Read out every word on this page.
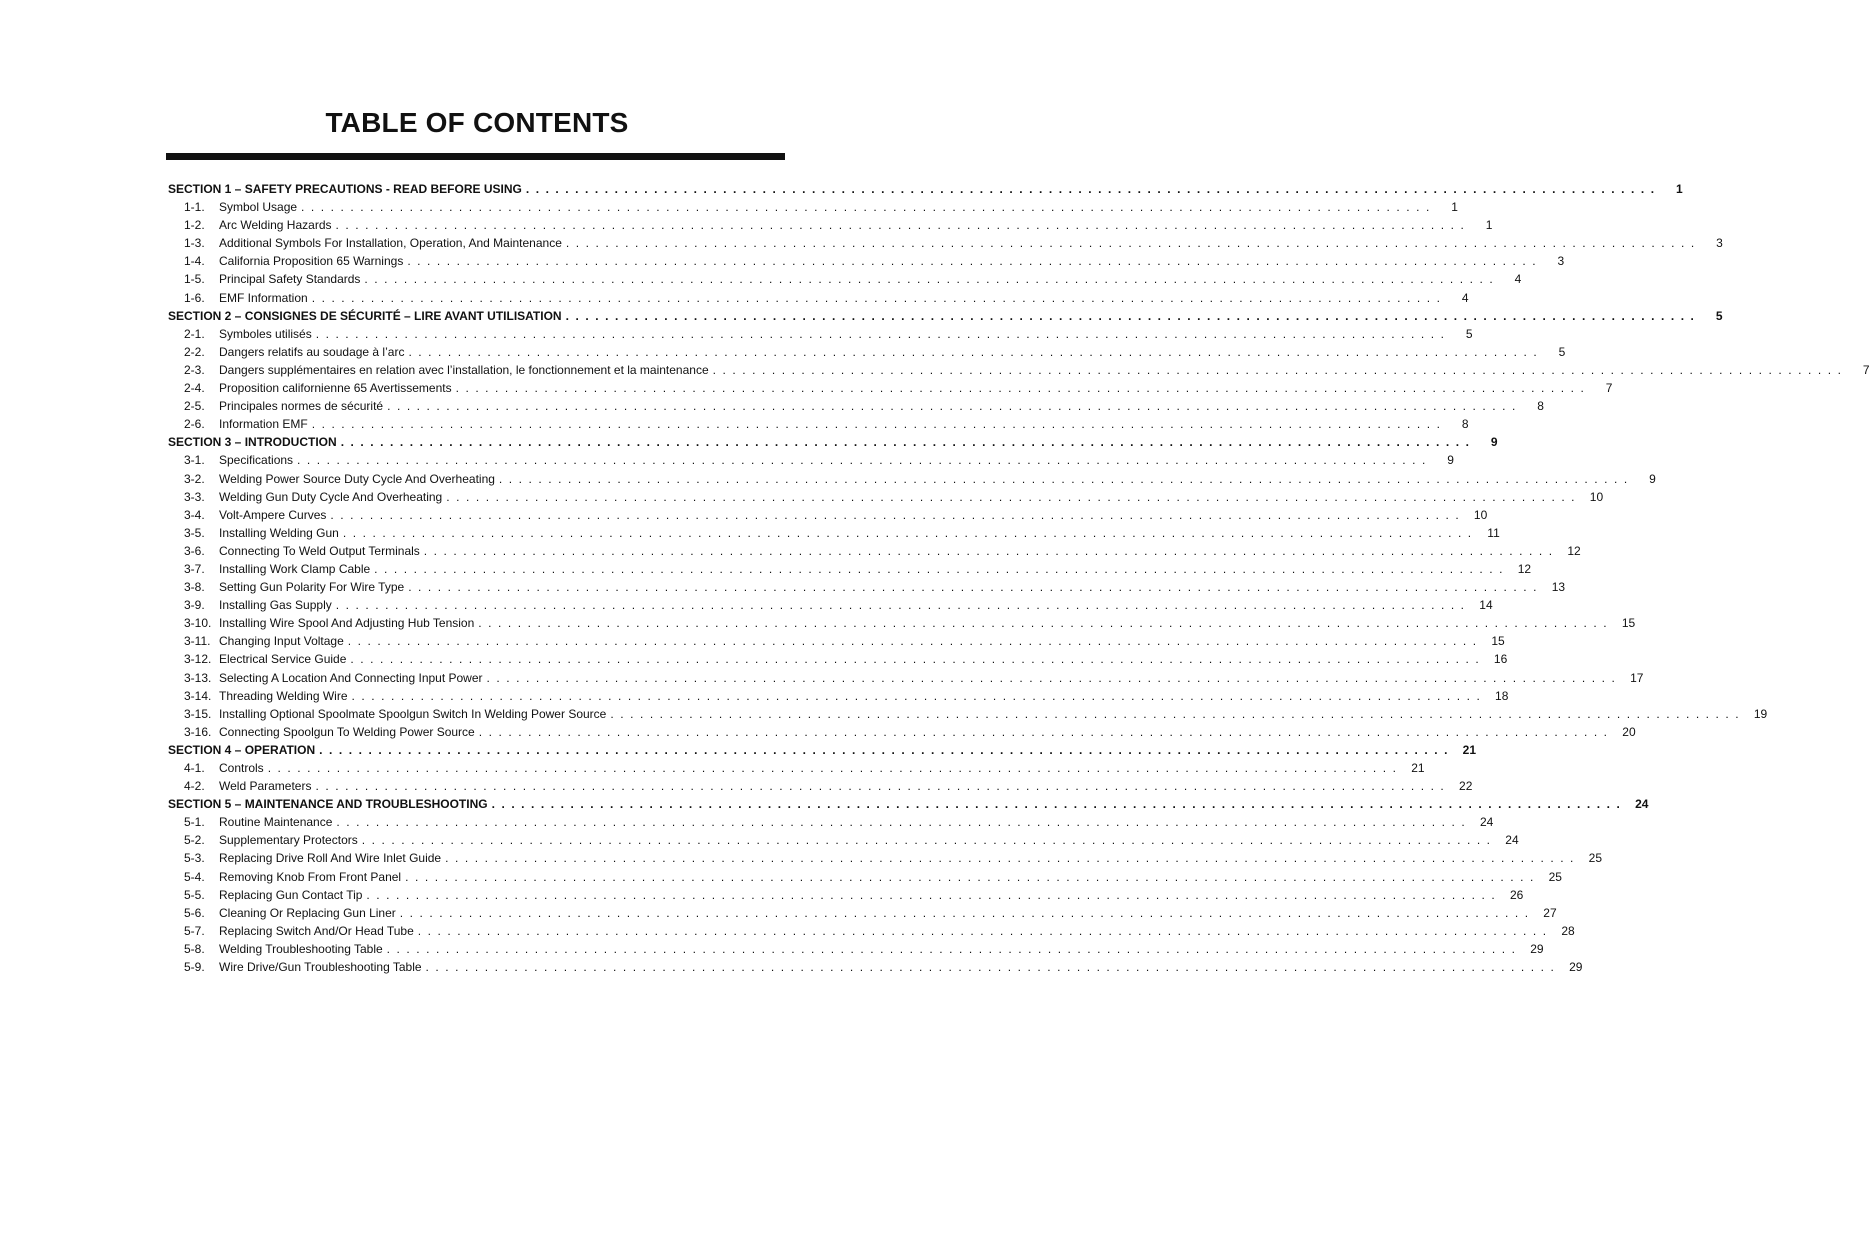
TABLE OF CONTENTS
SECTION 1 – SAFETY PRECAUTIONS - READ BEFORE USING . . . . . . . . . . . . . . . . . . . . . . . . . . . . . . . . . . . . . . . . . . . . . . . . . . . . . . . . . . . . . . . . . . . . . . . . . . . . . . . . . . . . . . . . . . . . . . . . . . . . . . . . . . . . . . . . . . .	1
1-1.	Symbol Usage . . . . . . . . . . . . . . . . . . . . . . . . . . . . . . . . . . . . . . . . . . . . . . . . . . . . . . . . . . . . . . . . . . . . . . . . . . . . . . . . . . . . . . . . . . . . . . . . . . . . . . . . . . . . . . . . . . .	1
1-2.	Arc Welding Hazards . . . . . . . . . . . . . . . . . . . . . . . . . . . . . . . . . . . . . . . . . . . . . . . . . . . . . . . . . . . . . . . . . . . . . . . . . . . . . . . . . . . . . . . . . . . . . . . . . . . . . . . . . . . . . . . . . . .	1
1-3.	Additional Symbols For Installation, Operation, And Maintenance . . . . . . . . . . . . . . . . . . . . . . . . . . . . . . . . . . . . . . . . . . . . . . . . . . . . . . . . . . . . . . . . . . . . . . . . . . . . . . . . . . . . . . . . . . . . . . . . . . . . . . . . . . . . . . . . . . .	3
1-4.	California Proposition 65 Warnings . . . . . . . . . . . . . . . . . . . . . . . . . . . . . . . . . . . . . . . . . . . . . . . . . . . . . . . . . . . . . . . . . . . . . . . . . . . . . . . . . . . . . . . . . . . . . . . . . . . . . . . . . . . . . . . . . . .	3
1-5.	Principal Safety Standards . . . . . . . . . . . . . . . . . . . . . . . . . . . . . . . . . . . . . . . . . . . . . . . . . . . . . . . . . . . . . . . . . . . . . . . . . . . . . . . . . . . . . . . . . . . . . . . . . . . . . . . . . . . . . . . . . . .	4
1-6.	EMF Information . . . . . . . . . . . . . . . . . . . . . . . . . . . . . . . . . . . . . . . . . . . . . . . . . . . . . . . . . . . . . . . . . . . . . . . . . . . . . . . . . . . . . . . . . . . . . . . . . . . . . . . . . . . . . . . . . . .	4
SECTION 2 – CONSIGNES DE SÉCURITÉ – LIRE AVANT UTILISATION . . . . . . . . . . . . . . . . . . . . . . . . . . . . . . . . . . . . . . . . . . . . . . . . . . . . . . . . . . . . . . . . . . . . . . . . . . . . . . . . . . . . . . . . . . . . . . . . . . . . . . . . . . . . . . . . . . .	5
2-1.	Symboles utilisés . . . . . . . . . . . . . . . . . . . . . . . . . . . . . . . . . . . . . . . . . . . . . . . . . . . . . . . . . . . . . . . . . . . . . . . . . . . . . . . . . . . . . . . . . . . . . . . . . . . . . . . . . . . . . . . . . . .	5
2-2.	Dangers relatifs au soudage à l’arc . . . . . . . . . . . . . . . . . . . . . . . . . . . . . . . . . . . . . . . . . . . . . . . . . . . . . . . . . . . . . . . . . . . . . . . . . . . . . . . . . . . . . . . . . . . . . . . . . . . . . . . . . . . . . . . . . . .	5
2-3.	Dangers supplémentaires en relation avec l’installation, le fonctionnement et la maintenance . . . . . . . . . . . . . . . . . . . . . . . . . . . . . . . . . . . . . . . . . . . . . . . . . . . . . . . . . . . . . . . . . . . . . . . . . . . . . . . . . . . . . . . . . . . . . . . . . . . . . . . . . . . . . . . . . . .	7
2-4.	Proposition californienne 65 Avertissements . . . . . . . . . . . . . . . . . . . . . . . . . . . . . . . . . . . . . . . . . . . . . . . . . . . . . . . . . . . . . . . . . . . . . . . . . . . . . . . . . . . . . . . . . . . . . . . . . . . . . . . . . . . . . . . . . . .	7
2-5.	Principales normes de sécurité . . . . . . . . . . . . . . . . . . . . . . . . . . . . . . . . . . . . . . . . . . . . . . . . . . . . . . . . . . . . . . . . . . . . . . . . . . . . . . . . . . . . . . . . . . . . . . . . . . . . . . . . . . . . . . . . . . .	8
2-6.	Information EMF . . . . . . . . . . . . . . . . . . . . . . . . . . . . . . . . . . . . . . . . . . . . . . . . . . . . . . . . . . . . . . . . . . . . . . . . . . . . . . . . . . . . . . . . . . . . . . . . . . . . . . . . . . . . . . . . . . .	8
SECTION 3 – INTRODUCTION . . . . . . . . . . . . . . . . . . . . . . . . . . . . . . . . . . . . . . . . . . . . . . . . . . . . . . . . . . . . . . . . . . . . . . . . . . . . . . . . . . . . . . . . . . . . . . . . . . . . . . . . . . . . . . . . . . .	9
3-1.	Specifications . . . . . . . . . . . . . . . . . . . . . . . . . . . . . . . . . . . . . . . . . . . . . . . . . . . . . . . . . . . . . . . . . . . . . . . . . . . . . . . . . . . . . . . . . . . . . . . . . . . . . . . . . . . . . . . . . . .	9
3-2.	Welding Power Source Duty Cycle And Overheating . . . . . . . . . . . . . . . . . . . . . . . . . . . . . . . . . . . . . . . . . . . . . . . . . . . . . . . . . . . . . . . . . . . . . . . . . . . . . . . . . . . . . . . . . . . . . . . . . . . . . . . . . . . . . . . . . . .	9
3-3.	Welding Gun Duty Cycle And Overheating . . . . . . . . . . . . . . . . . . . . . . . . . . . . . . . . . . . . . . . . . . . . . . . . . . . . . . . . . . . . . . . . . . . . . . . . . . . . . . . . . . . . . . . . . . . . . . . . . . . . . . . . . . . . . . . . . . .	10
3-4.	Volt-Ampere Curves . . . . . . . . . . . . . . . . . . . . . . . . . . . . . . . . . . . . . . . . . . . . . . . . . . . . . . . . . . . . . . . . . . . . . . . . . . . . . . . . . . . . . . . . . . . . . . . . . . . . . . . . . . . . . . . . . . .	10
3-5.	Installing Welding Gun . . . . . . . . . . . . . . . . . . . . . . . . . . . . . . . . . . . . . . . . . . . . . . . . . . . . . . . . . . . . . . . . . . . . . . . . . . . . . . . . . . . . . . . . . . . . . . . . . . . . . . . . . . . . . . . . . . .	11
3-6.	Connecting To Weld Output Terminals . . . . . . . . . . . . . . . . . . . . . . . . . . . . . . . . . . . . . . . . . . . . . . . . . . . . . . . . . . . . . . . . . . . . . . . . . . . . . . . . . . . . . . . . . . . . . . . . . . . . . . . . . . . . . . . . . . .	12
3-7.	Installing Work Clamp Cable . . . . . . . . . . . . . . . . . . . . . . . . . . . . . . . . . . . . . . . . . . . . . . . . . . . . . . . . . . . . . . . . . . . . . . . . . . . . . . . . . . . . . . . . . . . . . . . . . . . . . . . . . . . . . . . . . . .	12
3-8.	Setting Gun Polarity For Wire Type . . . . . . . . . . . . . . . . . . . . . . . . . . . . . . . . . . . . . . . . . . . . . . . . . . . . . . . . . . . . . . . . . . . . . . . . . . . . . . . . . . . . . . . . . . . . . . . . . . . . . . . . . . . . . . . . . . .	13
3-9.	Installing Gas Supply . . . . . . . . . . . . . . . . . . . . . . . . . . . . . . . . . . . . . . . . . . . . . . . . . . . . . . . . . . . . . . . . . . . . . . . . . . . . . . . . . . . . . . . . . . . . . . . . . . . . . . . . . . . . . . . . . . .	14
3-10. Installing Wire Spool And Adjusting Hub Tension . . . . . . . . . . . . . . . . . . . . . . . . . . . . . . . . . . . . . . . . . . . . . . . . . . . . . . . . . . . . . . . . . . . . . . . . . . . . . . . . . . . . . . . . . . . . . . . . . . . . . . . . . . . . . . . . . . .	15
3-11. Changing Input Voltage . . . . . . . . . . . . . . . . . . . . . . . . . . . . . . . . . . . . . . . . . . . . . . . . . . . . . . . . . . . . . . . . . . . . . . . . . . . . . . . . . . . . . . . . . . . . . . . . . . . . . . . . . . . . . . . . . . .	15
3-12. Electrical Service Guide . . . . . . . . . . . . . . . . . . . . . . . . . . . . . . . . . . . . . . . . . . . . . . . . . . . . . . . . . . . . . . . . . . . . . . . . . . . . . . . . . . . . . . . . . . . . . . . . . . . . . . . . . . . . . . . . . . .	16
3-13. Selecting A Location And Connecting Input Power . . . . . . . . . . . . . . . . . . . . . . . . . . . . . . . . . . . . . . . . . . . . . . . . . . . . . . . . . . . . . . . . . . . . . . . . . . . . . . . . . . . . . . . . . . . . . . . . . . . . . . . . . . . . . . . . . . .	17
3-14. Threading Welding Wire . . . . . . . . . . . . . . . . . . . . . . . . . . . . . . . . . . . . . . . . . . . . . . . . . . . . . . . . . . . . . . . . . . . . . . . . . . . . . . . . . . . . . . . . . . . . . . . . . . . . . . . . . . . . . . . . . . .	18
3-15. Installing Optional Spoolmate Spoolgun Switch In Welding Power Source . . . . . . . . . . . . . . . . . . . . . . . . . . . . . . . . . . . . . . . . . . . . . . . . . . . . . . . . . . . . . . . . . . . . . . . . . . . . . . . . . . . . . . . . . . . . . . . . . . . . . . . . . . . . . . . . . . .	19
3-16. Connecting Spoolgun To Welding Power Source . . . . . . . . . . . . . . . . . . . . . . . . . . . . . . . . . . . . . . . . . . . . . . . . . . . . . . . . . . . . . . . . . . . . . . . . . . . . . . . . . . . . . . . . . . . . . . . . . . . . . . . . . . . . . . . . . . .	20
SECTION 4 – OPERATION . . . . . . . . . . . . . . . . . . . . . . . . . . . . . . . . . . . . . . . . . . . . . . . . . . . . . . . . . . . . . . . . . . . . . . . . . . . . . . . . . . . . . . . . . . . . . . . . . . . . . . . . . . . . . . . . . . .	21
4-1.	Controls . . . . . . . . . . . . . . . . . . . . . . . . . . . . . . . . . . . . . . . . . . . . . . . . . . . . . . . . . . . . . . . . . . . . . . . . . . . . . . . . . . . . . . . . . . . . . . . . . . . . . . . . . . . . . . . . . . .	21
4-2.	Weld Parameters . . . . . . . . . . . . . . . . . . . . . . . . . . . . . . . . . . . . . . . . . . . . . . . . . . . . . . . . . . . . . . . . . . . . . . . . . . . . . . . . . . . . . . . . . . . . . . . . . . . . . . . . . . . . . . . . . . .	22
SECTION 5 – MAINTENANCE AND TROUBLESHOOTING . . . . . . . . . . . . . . . . . . . . . . . . . . . . . . . . . . . . . . . . . . . . . . . . . . . . . . . . . . . . . . . . . . . . . . . . . . . . . . . . . . . . . . . . . . . . . . . . . . . . . . . . . . . . . . . . . . .	24
5-1.	Routine Maintenance . . . . . . . . . . . . . . . . . . . . . . . . . . . . . . . . . . . . . . . . . . . . . . . . . . . . . . . . . . . . . . . . . . . . . . . . . . . . . . . . . . . . . . . . . . . . . . . . . . . . . . . . . . . . . . . . . . .	24
5-2.	Supplementary Protectors . . . . . . . . . . . . . . . . . . . . . . . . . . . . . . . . . . . . . . . . . . . . . . . . . . . . . . . . . . . . . . . . . . . . . . . . . . . . . . . . . . . . . . . . . . . . . . . . . . . . . . . . . . . . . . . . . . .	24
5-3.	Replacing Drive Roll And Wire Inlet Guide . . . . . . . . . . . . . . . . . . . . . . . . . . . . . . . . . . . . . . . . . . . . . . . . . . . . . . . . . . . . . . . . . . . . . . . . . . . . . . . . . . . . . . . . . . . . . . . . . . . . . . . . . . . . . . . . . . .	25
5-4.	Removing Knob From Front Panel . . . . . . . . . . . . . . . . . . . . . . . . . . . . . . . . . . . . . . . . . . . . . . . . . . . . . . . . . . . . . . . . . . . . . . . . . . . . . . . . . . . . . . . . . . . . . . . . . . . . . . . . . . . . . . . . . . .	25
5-5.	Replacing Gun Contact Tip . . . . . . . . . . . . . . . . . . . . . . . . . . . . . . . . . . . . . . . . . . . . . . . . . . . . . . . . . . . . . . . . . . . . . . . . . . . . . . . . . . . . . . . . . . . . . . . . . . . . . . . . . . . . . . . . . . .	26
5-6.	Cleaning Or Replacing Gun Liner . . . . . . . . . . . . . . . . . . . . . . . . . . . . . . . . . . . . . . . . . . . . . . . . . . . . . . . . . . . . . . . . . . . . . . . . . . . . . . . . . . . . . . . . . . . . . . . . . . . . . . . . . . . . . . . . . . .	27
5-7.	Replacing Switch And/Or Head Tube . . . . . . . . . . . . . . . . . . . . . . . . . . . . . . . . . . . . . . . . . . . . . . . . . . . . . . . . . . . . . . . . . . . . . . . . . . . . . . . . . . . . . . . . . . . . . . . . . . . . . . . . . . . . . . . . . . .	28
5-8.	Welding Troubleshooting Table . . . . . . . . . . . . . . . . . . . . . . . . . . . . . . . . . . . . . . . . . . . . . . . . . . . . . . . . . . . . . . . . . . . . . . . . . . . . . . . . . . . . . . . . . . . . . . . . . . . . . . . . . . . . . . . . . . .	29
5-9.	Wire Drive/Gun Troubleshooting Table . . . . . . . . . . . . . . . . . . . . . . . . . . . . . . . . . . . . . . . . . . . . . . . . . . . . . . . . . . . . . . . . . . . . . . . . . . . . . . . . . . . . . . . . . . . . . . . . . . . . . . . . . . . . . . . . . . .	29
